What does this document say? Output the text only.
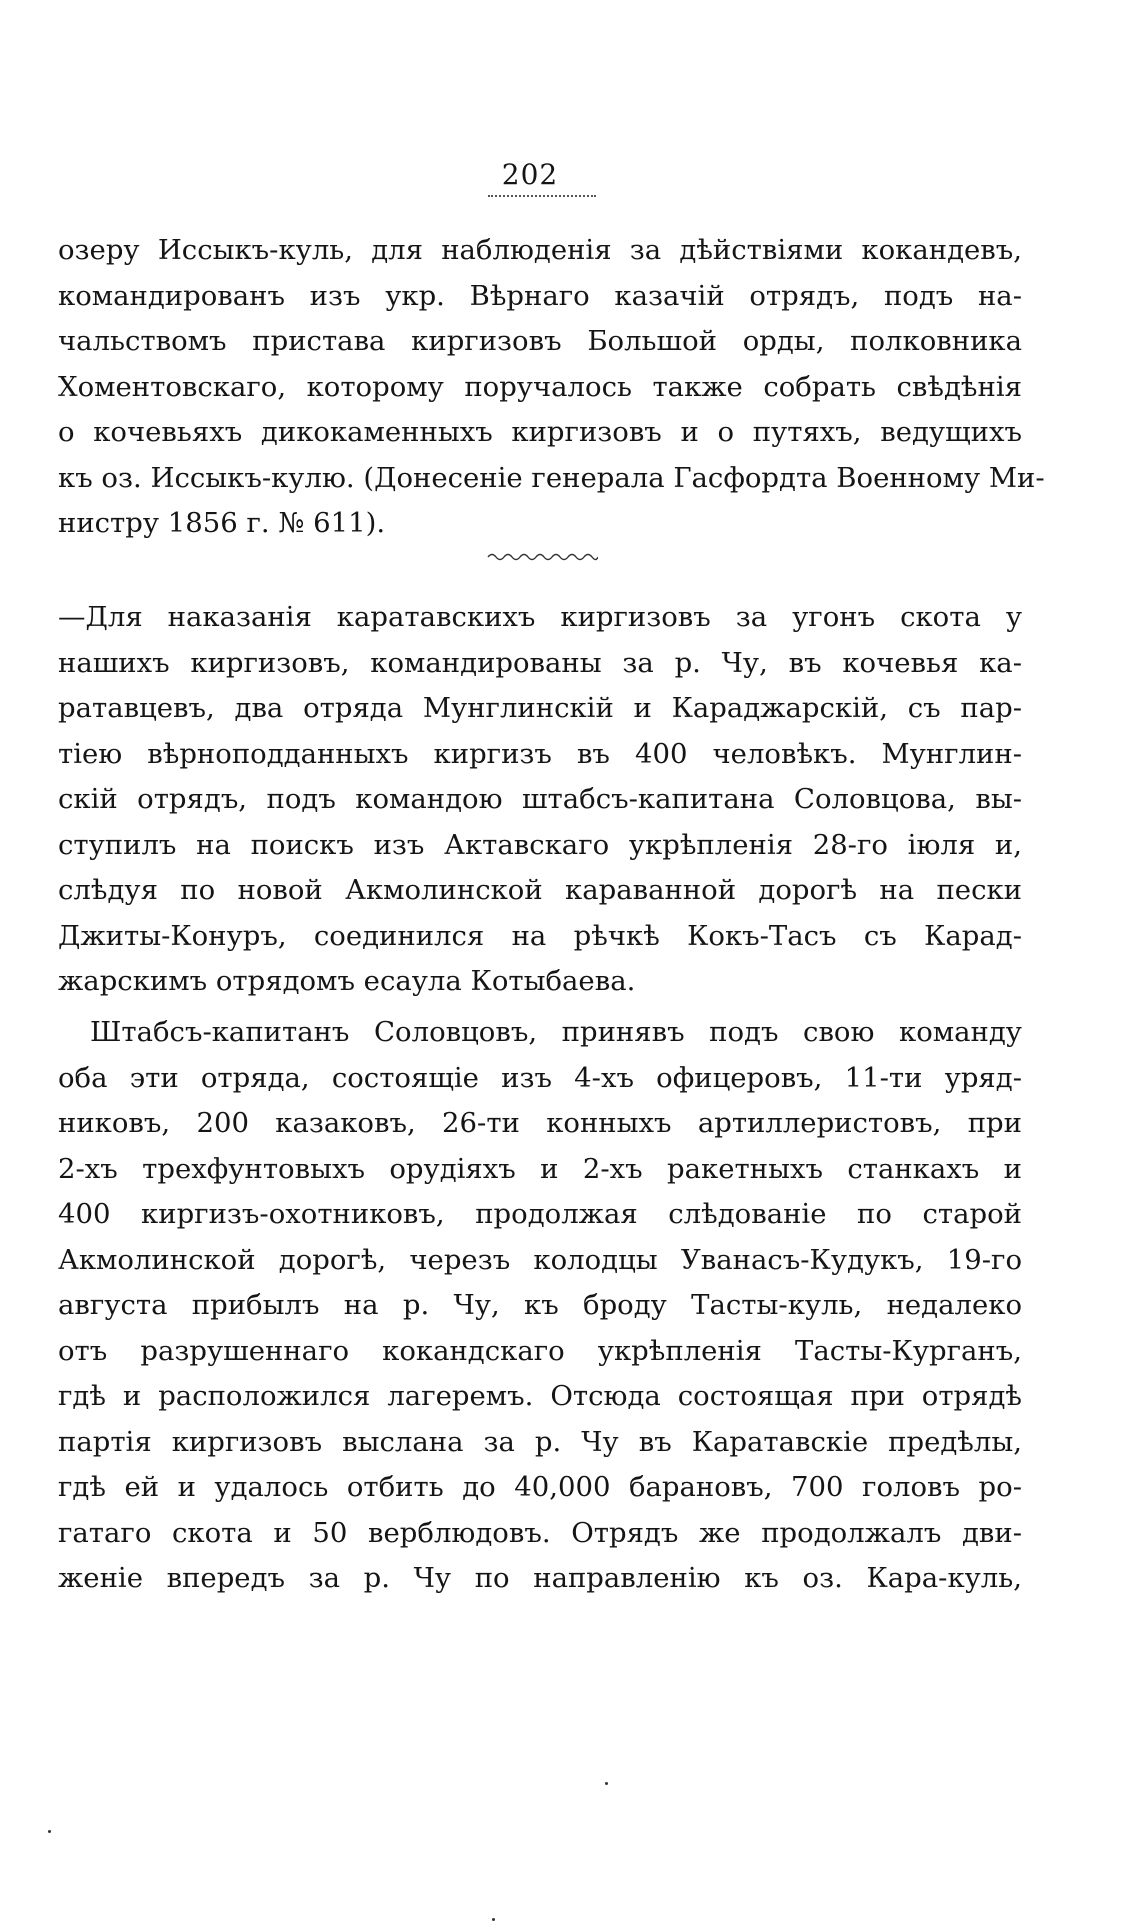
202
озеру Иссыкъ-куль, для наблюденія за дѣйствіями кокандевъ,
командированъ изъ укр. Вѣрнаго казачій отрядъ, подъ на-
чальствомъ пристава киргизовъ Большой орды, полковника
Хоментовскаго, которому поручалось также собрать свѣдѣнія
о кочевьяхъ дикокаменныхъ киргизовъ и о путяхъ, ведущихъ
къ оз. Иссыкъ-кулю. (Донесеніе генерала Гасфордта Военному Ми-
нистру 1856 г. № 611).
—Для наказанія каратавскихъ киргизовъ за угонъ скота у
нашихъ киргизовъ, командированы за р. Чу, въ кочевья ка-
ратавцевъ, два отряда Мунглинскій и Караджарскій, съ пар-
тіею вѣрноподданныхъ киргизъ въ 400 человѣкъ. Мунглин-
скій отрядъ, подъ командою штабсъ-капитана Соловцова, вы-
ступилъ на поискъ изъ Актавскаго укрѣпленія 28-го іюля и,
слѣдуя по новой Акмолинской караванной дорогѣ на пески
Джиты-Конуръ, соединился на рѣчкѣ Кокъ-Тасъ съ Карад-
жарскимъ отрядомъ есаула Котыбаева.
Штабсъ-капитанъ Соловцовъ, принявъ подъ свою команду
оба эти отряда, состоящіе изъ 4-хъ офицеровъ, 11-ти уряд-
никовъ, 200 казаковъ, 26-ти конныхъ артиллеристовъ, при
2-хъ трехфунтовыхъ орудіяхъ и 2-хъ ракетныхъ станкахъ и
400 киргизъ-охотниковъ, продолжая слѣдованіе по старой
Акмолинской дорогѣ, черезъ колодцы Уванасъ-Кудукъ, 19-го
августа прибылъ на р. Чу, къ броду Тасты-куль, недалеко
отъ разрушеннаго кокандскаго укрѣпленія Тасты-Курганъ,
гдѣ и расположился лагеремъ. Отсюда состоящая при отрядѣ
партія киргизовъ выслана за р. Чу въ Каратавскіе предѣлы,
гдѣ ей и удалось отбить до 40,000 барановъ, 700 головъ ро-
гатаго скота и 50 верблюдовъ. Отрядъ же продолжалъ дви-
женіе впередъ за р. Чу по направленію къ оз. Кара-куль,
